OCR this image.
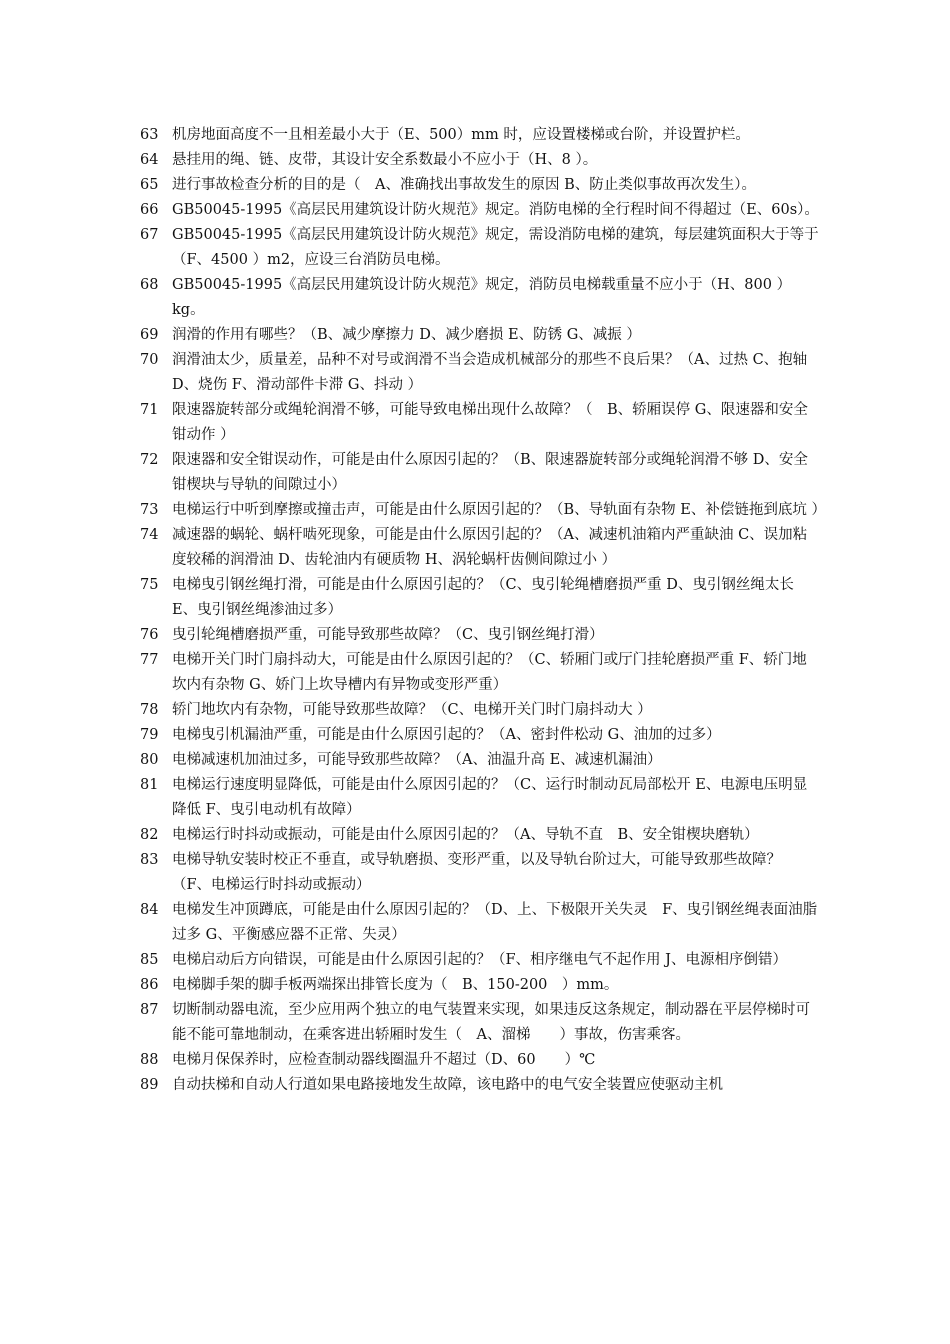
63 机房地面高度不一且相差最小大于（E、500）mm 时，应设置楼梯或台阶，并设置护栏。
64 悬挂用的绳、链、皮带，其设计安全系数最小不应小于（H、8 ）。
65 进行事故检查分析的目的是（　A、准确找出事故发生的原因 B、防止类似事故再次发生）。
66 GB50045-1995《高层民用建筑设计防火规范》规定。消防电梯的全行程时间不得超过（E、60s）。
67 GB50045-1995《高层民用建筑设计防火规范》规定，需设消防电梯的建筑，每层建筑面积大于等于（F、4500 ）m2，应设三台消防员电梯。
68 GB50045-1995《高层民用建筑设计防火规范》规定，消防员电梯载重量不应小于（H、800 ）kg。
69 润滑的作用有哪些？（B、减少摩擦力 D、减少磨损 E、防锈 G、减振 ）
70 润滑油太少，质量差，品种不对号或润滑不当会造成机械部分的那些不良后果？（A、过热 C、抱轴 D、烧伤 F、滑动部件卡滞 G、抖动 ）
71 限速器旋转部分或绳轮润滑不够，可能导致电梯出现什么故障？（　B、轿厢误停 G、限速器和安全钳动作 ）
72 限速器和安全钳误动作，可能是由什么原因引起的？（B、限速器旋转部分或绳轮润滑不够 D、安全钳楔块与导轨的间隙过小）
73 电梯运行中听到摩擦或撞击声，可能是由什么原因引起的？（B、导轨面有杂物 E、补偿链拖到底坑 ）
74 减速器的蜗轮、蜗杆啮死现象，可能是由什么原因引起的？（A、减速机油箱内严重缺油 C、误加粘度较稀的润滑油 D、齿轮油内有硬质物 H、涡轮蜗杆齿侧间隙过小 ）
75 电梯曳引钢丝绳打滑，可能是由什么原因引起的？（C、曳引轮绳槽磨损严重 D、曳引钢丝绳太长 E、曳引钢丝绳渗油过多）
76 曳引轮绳槽磨损严重，可能导致那些故障？（C、曳引钢丝绳打滑）
77 电梯开关门时门扇抖动大，可能是由什么原因引起的？（C、轿厢门或厅门挂轮磨损严重 F、轿门地坎内有杂物 G、娇门上坎导槽内有异物或变形严重）
78 轿门地坎内有杂物，可能导致那些故障？（C、电梯开关门时门扇抖动大 ）
79 电梯曳引机漏油严重，可能是由什么原因引起的？（A、密封件松动 G、油加的过多）
80 电梯减速机加油过多，可能导致那些故障？（A、油温升高 E、减速机漏油）
81 电梯运行速度明显降低，可能是由什么原因引起的？（C、运行时制动瓦局部松开 E、电源电压明显降低 F、曳引电动机有故障）
82 电梯运行时抖动或振动，可能是由什么原因引起的？（A、导轨不直　B、安全钳楔块磨轨）
83 电梯导轨安装时校正不垂直，或导轨磨损、变形严重，以及导轨台阶过大，可能导致那些故障？（F、电梯运行时抖动或振动）
84 电梯发生冲顶蹲底，可能是由什么原因引起的？（D、上、下极限开关失灵　F、曳引钢丝绳表面油脂过多 G、平衡感应器不正常、失灵）
85 电梯启动后方向错误，可能是由什么原因引起的？（F、相序继电气不起作用 J、电源相序倒错）
86 电梯脚手架的脚手板两端探出排管长度为（　B、150-200　）mm。
87 切断制动器电流，至少应用两个独立的电气装置来实现，如果违反这条规定，制动器在平层停梯时可能不能可靠地制动，在乘客进出轿厢时发生（　A、溜梯　　）事故，伤害乘客。
88 电梯月保保养时，应检查制动器线圈温升不超过（D、60　　）℃
89 自动扶梯和自动人行道如果电路接地发生故障，该电路中的电气安全装置应使驱动主机
